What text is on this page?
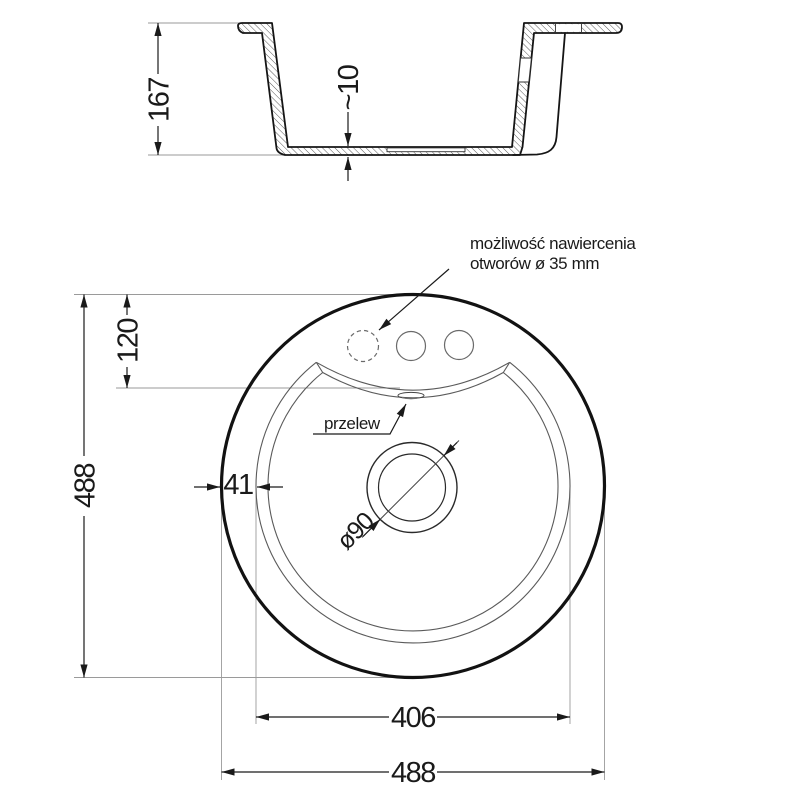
167	~10
ø90
488
120
41
406
488
przelew
możliwość nawiercenia
otworów ø 35 mm
